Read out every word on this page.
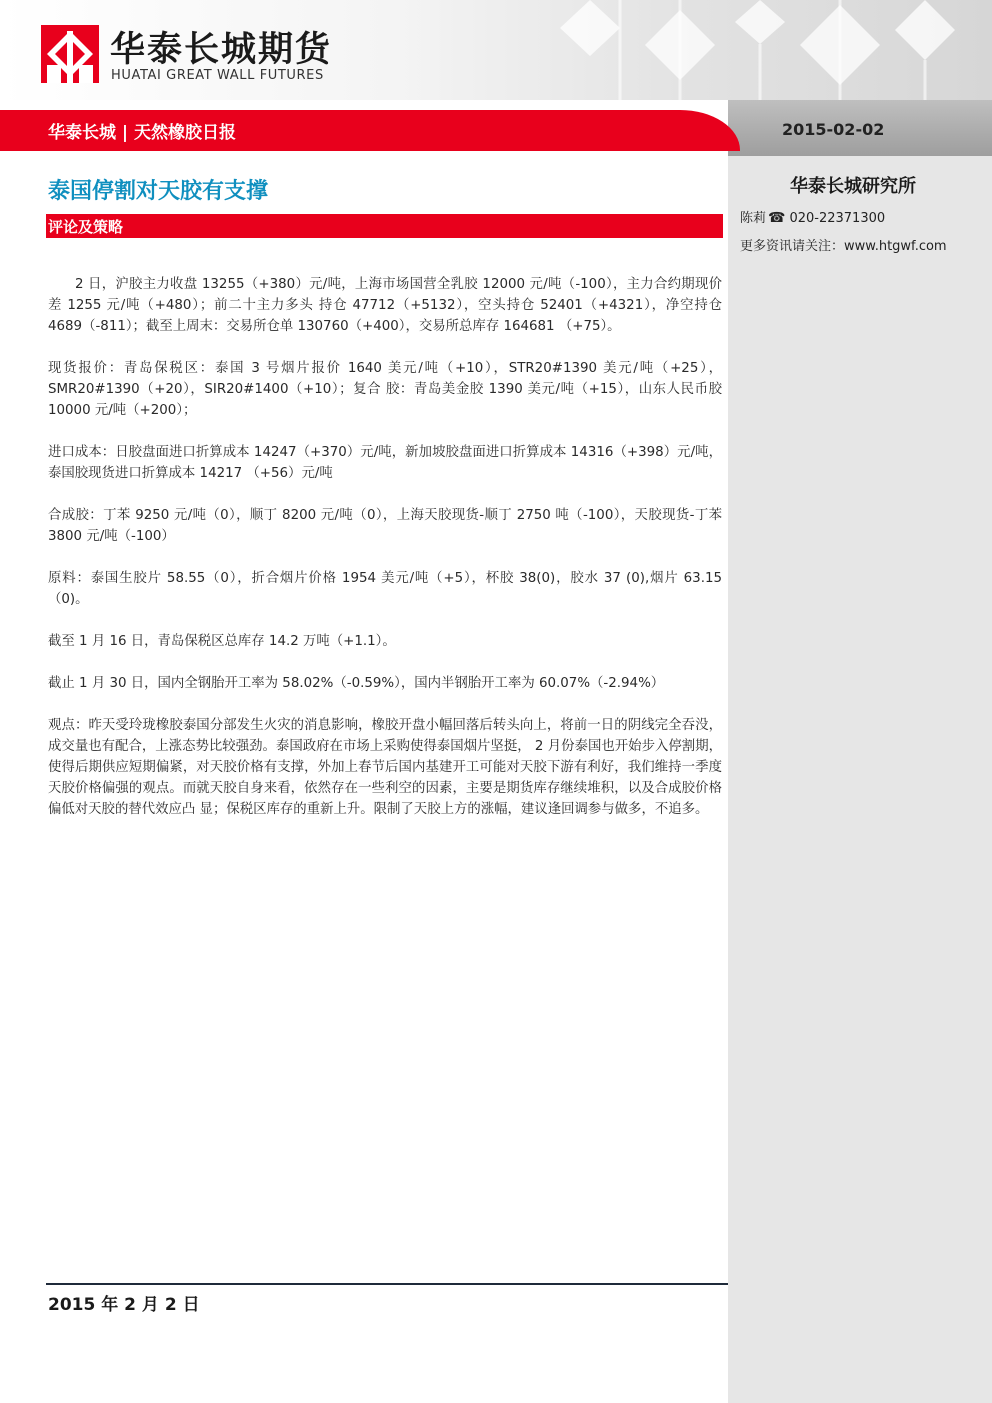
华泰长城期货
HUATAI GREAT WALL FUTURES
华泰长城 | 天然橡胶日报	2015-02-02
泰国停割对天胶有支撑
评论及策略
华泰长城研究所
陈莉 ☎ 020-22371300
更多资讯请关注：www.htgwf.com

2 日，沪胶主力收盘 13255（+380）元/吨，上海市场国营全乳胶 12000 元/吨（-100），主力合约期现价差 1255 元/吨（+480）；前二十主力多头 持仓 47712（+5132），空头持仓 52401（+4321），净空持仓 4689（-811）；截至上周末：交易所仓单 130760（+400），交易所总库存 164681 （+75）。

现货报价：青岛保税区：泰国 3 号烟片报价 1640 美元/吨（+10），STR20#1390 美元/吨（+25），SMR20#1390（+20），SIR20#1400（+10）；复合 胶：青岛美金胶 1390 美元/吨（+15），山东人民币胶 10000 元/吨（+200）；

进口成本：日胶盘面进口折算成本 14247（+370）元/吨，新加坡胶盘面进口折算成本 14316（+398）元/吨，泰国胶现货进口折算成本 14217 （+56）元/吨

合成胶：丁苯 9250 元/吨（0），顺丁 8200 元/吨（0），上海天胶现货-顺丁 2750 吨（-100），天胶现货-丁苯 3800 元/吨（-100）

原料：泰国生胶片 58.55（0），折合烟片价格 1954 美元/吨（+5），杯胶 38(0)，胶水 37 (0),烟片 63.15（0)。

截至 1 月 16 日，青岛保税区总库存 14.2 万吨（+1.1）。

截止 1 月 30 日，国内全钢胎开工率为 58.02%（-0.59%），国内半钢胎开工率为 60.07%（-2.94%）

观点：昨天受玲珑橡胶泰国分部发生火灾的消息影响，橡胶开盘小幅回落后转头向上，将前一日的阴线完全吞没，成交量也有配合，上涨态势比较强劲。泰国政府在市场上采购使得泰国烟片坚挺， 2 月份泰国也开始步入停割期，使得后期供应短期偏紧，对天胶价格有支撑，外加上春节后国内基建开工可能对天胶下游有利好，我们维持一季度天胶价格偏强的观点。而就天胶自身来看，依然存在一些利空的因素，主要是期货库存继续堆积，以及合成胶价格偏低对天胶的替代效应凸 显；保税区库存的重新上升。限制了天胶上方的涨幅，建议逢回调参与做多，不追多。

2015 年 2 月 2 日
